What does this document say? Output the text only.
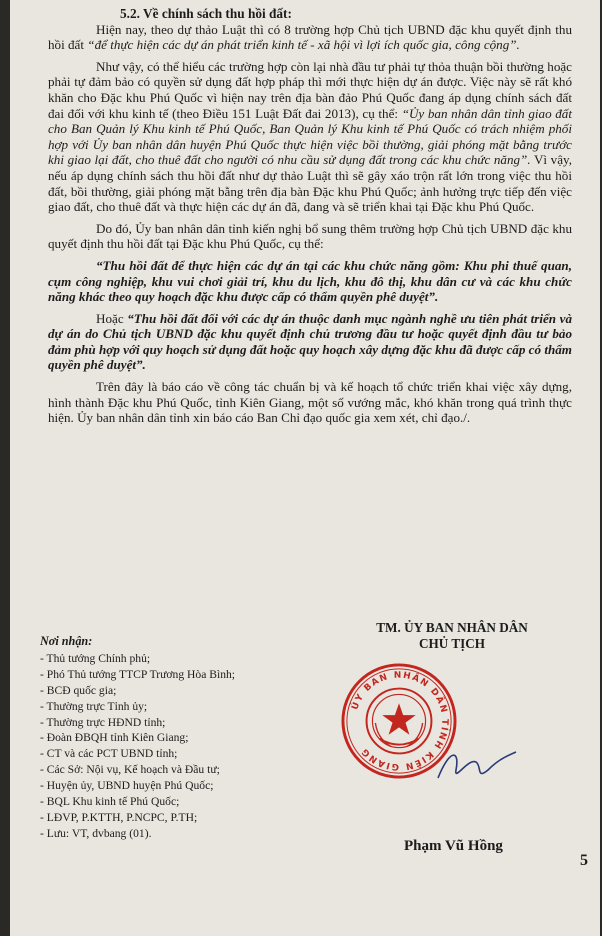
5.2. Về chính sách thu hồi đất:

Hiện nay, theo dự thảo Luật thì có 8 trường hợp Chủ tịch UBND đặc khu quyết định thu hồi đất “để thực hiện các dự án phát triển kinh tế - xã hội vì lợi ích quốc gia, công cộng”.

Như vậy, có thể hiểu các trường hợp còn lại nhà đầu tư phải tự thỏa thuận bồi thường hoặc phải tự đảm bảo có quyền sử dụng đất hợp pháp thì mới thực hiện dự án được. Việc này sẽ rất khó khăn cho Đặc khu Phú Quốc vì hiện nay trên địa bàn đảo Phú Quốc đang áp dụng chính sách đất đai đối với khu kinh tế (theo Điều 151 Luật Đất đai 2013), cụ thể: “Ủy ban nhân dân tỉnh giao đất cho Ban Quản lý Khu kinh tế Phú Quốc, Ban Quản lý Khu kinh tế Phú Quốc có trách nhiệm phối hợp với Ủy ban nhân dân huyện Phú Quốc thực hiện việc bồi thường, giải phóng mặt bằng trước khi giao lại đất, cho thuê đất cho người có nhu cầu sử dụng đất trong các khu chức năng”. Vì vậy, nếu áp dụng chính sách thu hồi đất như dự thảo Luật thì sẽ gây xáo trộn rất lớn trong việc thu hồi đất, bồi thường, giải phóng mặt bằng trên địa bàn Đặc khu Phú Quốc; ảnh hưởng trực tiếp đến việc giao đất, cho thuê đất và thực hiện các dự án đã, đang và sẽ triển khai tại Đặc khu Phú Quốc.

Do đó, Ủy ban nhân dân tỉnh kiến nghị bổ sung thêm trường hợp Chủ tịch UBND đặc khu quyết định thu hồi đất tại Đặc khu Phú Quốc, cụ thể:

“Thu hồi đất để thực hiện các dự án tại các khu chức năng gồm: Khu phi thuế quan, cụm công nghiệp, khu vui chơi giải trí, khu du lịch, khu đô thị, khu dân cư và các khu chức năng khác theo quy hoạch đặc khu được cấp có thẩm quyền phê duyệt”.

Hoặc “Thu hồi đất đối với các dự án thuộc danh mục ngành nghề ưu tiên phát triển và dự án do Chủ tịch UBND đặc khu quyết định chủ trương đầu tư hoặc quyết định đầu tư bảo đảm phù hợp với quy hoạch sử dụng đất hoặc quy hoạch xây dựng đặc khu đã được cấp có thẩm quyền phê duyệt”.

Trên đây là báo cáo về công tác chuẩn bị và kế hoạch tổ chức triển khai việc xây dựng, hình thành Đặc khu Phú Quốc, tỉnh Kiên Giang, một số vướng mắc, khó khăn trong quá trình thực hiện. Ủy ban nhân dân tỉnh xin báo cáo Ban Chỉ đạo quốc gia xem xét, chỉ đạo./.

Nơi nhận:
- Thủ tướng Chính phủ;
- Phó Thủ tướng TTCP Trương Hòa Bình;
- BCĐ quốc gia;
- Thường trực Tỉnh ủy;
- Thường trực HĐND tỉnh;
- Đoàn ĐBQH tỉnh Kiên Giang;
- CT và các PCT UBND tỉnh;
- Các Sở: Nội vụ, Kế hoạch và Đầu tư;
- Huyện ủy, UBND huyện Phú Quốc;
- BQL Khu kinh tế Phú Quốc;
- LĐVP, P.KTTH, P.NCPC, P.TH;
- Lưu: VT, dvbang (01).
TM. ỦY BAN NHÂN DÂN
CHỦ TỊCH
ỦY BAN NHÂN DÂN TỈNH KIÊN GIANG
Phạm Vũ Hồng
5
